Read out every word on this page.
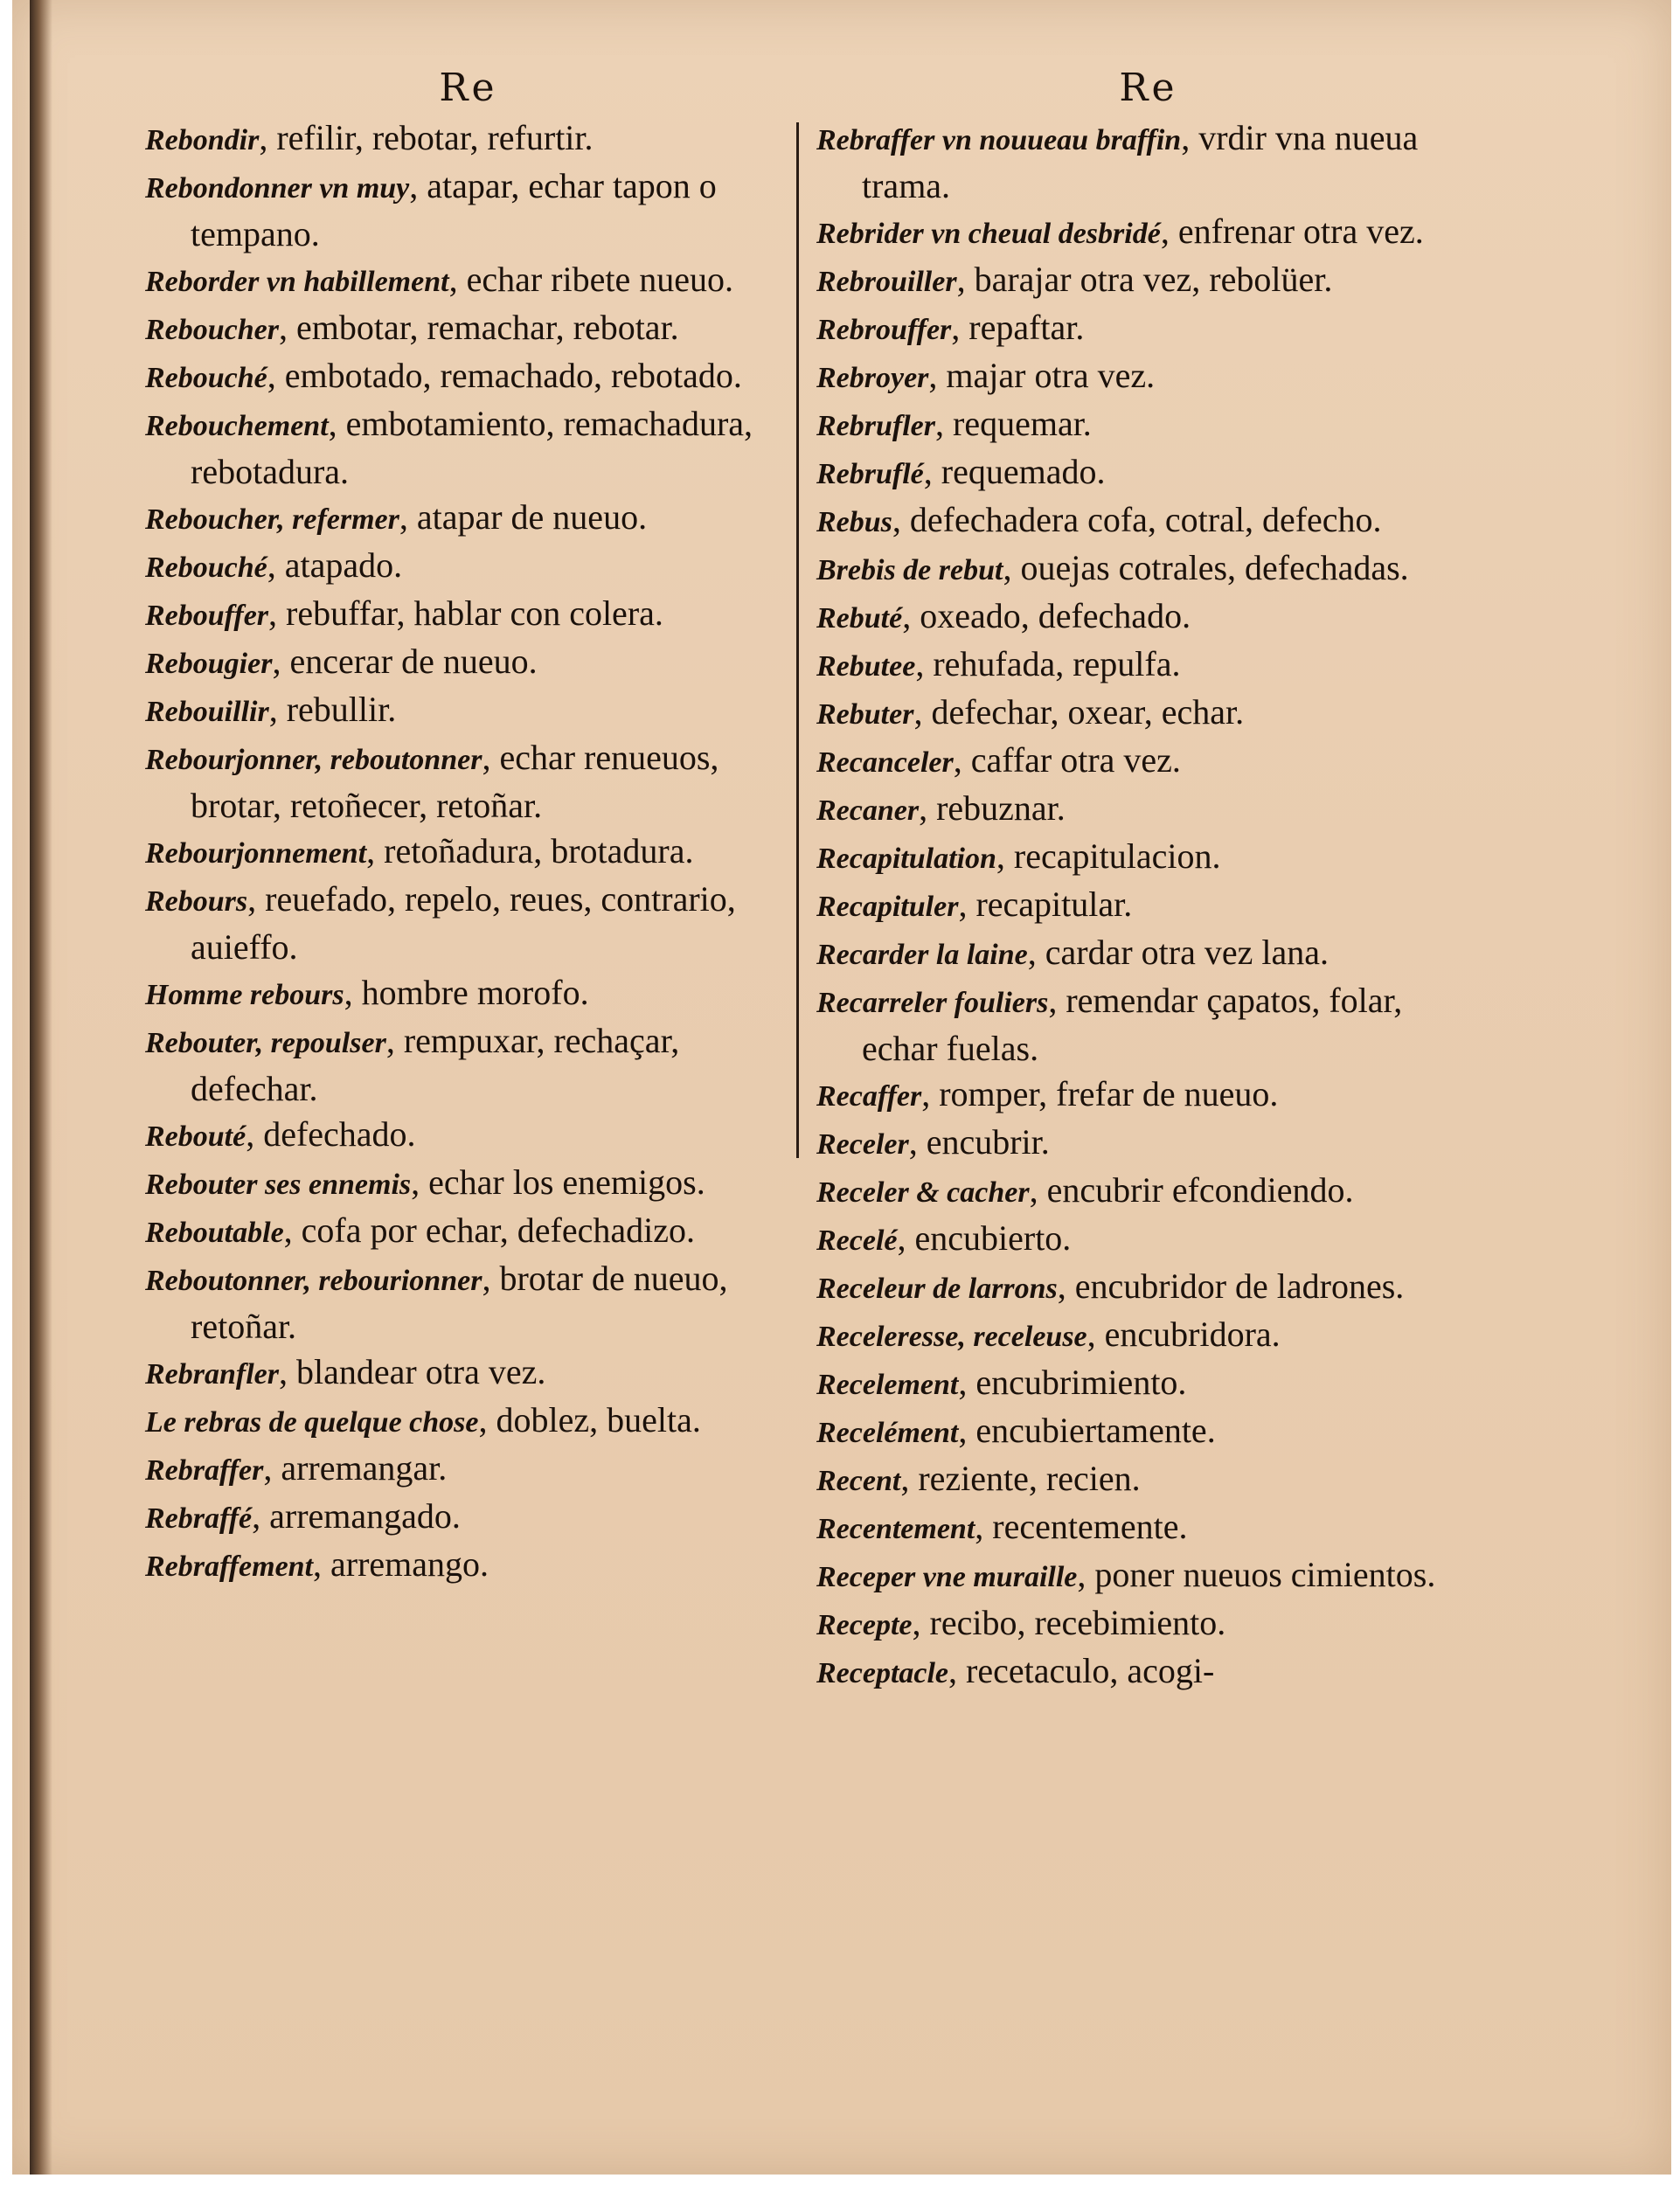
Re
Rebondir, refilir, rebotar, refurtir.
Rebondonner vn muy, atapar, echar tapon o tempano.
Reborder vn habillement, echar ribete nueuo.
Reboucher, embotar, remachar, rebotar.
Rebouché, embotado, remachado, rebotado.
Rebouchement, embotamiento, remachadura, rebotadura.
Reboucher, refermer, atapar de nueuo.
Rebouché, atapado.
Rebouffer, rebuffar, hablar con colera.
Rebougier, encerar de nueuo.
Rebouillir, rebullir.
Rebourjonner, reboutonner, echar renueuos, brotar, retoñecer, retoñar.
Rebourjonnement, retoñadura, brotadura.
Rebours, reuefado, repelo, reues, contrario, auieffo.
Homme rebours, hombre morofo.
Rebouter, repoulser, rempuxar, rechaçar, defechar.
Rebouté, defechado.
Rebouter ses ennemis, echar los enemigos.
Reboutable, cofa por echar, defechadizo.
Reboutonner, rebourionner, brotar de nueuo, retoñar.
Rebranfler, blandear otra vez.
Le rebras de quelque chose, doblez, buelta.
Rebraffer, arremangar.
Rebraffé, arremangado.
Rebraffement, arremango.
Re
Rebraffer vn nouueau braffin, vrdir vna nueua trama.
Rebrider vn cheual desbridé, enfrenar otra vez.
Rebrouiller, barajar otra vez, rebolüer.
Rebrouffer, repaftar.
Rebroyer, majar otra vez.
Rebrufler, requemar.
Rebruflé, requemado.
Rebus, defechadera cofa, cotral, defecho.
Brebis de rebut, ouejas cotrales, defechadas.
Rebuté, oxeado, defechado.
Rebutee, rehufada, repulfa.
Rebuter, defechar, oxear, echar.
Recanceler, caffar otra vez.
Recaner, rebuznar.
Recapitulation, recapitulacion.
Recapituler, recapitular.
Recarder la laine, cardar otra vez lana.
Recarreler fouliers, remendar çapatos, folar, echar fuelas.
Recaffer, romper, frefar de nueuo.
Receler, encubrir.
Receler & cacher, encubrir efcondiendo.
Recelé, encubierto.
Receleur de larrons, encubridor de ladrones.
Receleresse, receleuse, encubridora.
Recelement, encubrimiento.
Recelément, encubiertamente.
Recent, reziente, recien.
Recentement, recentemente.
Receper vne muraille, poner nueuos cimientos.
Recepte, recibo, recebimiento.
Receptacle, recetaculo, acogi-
